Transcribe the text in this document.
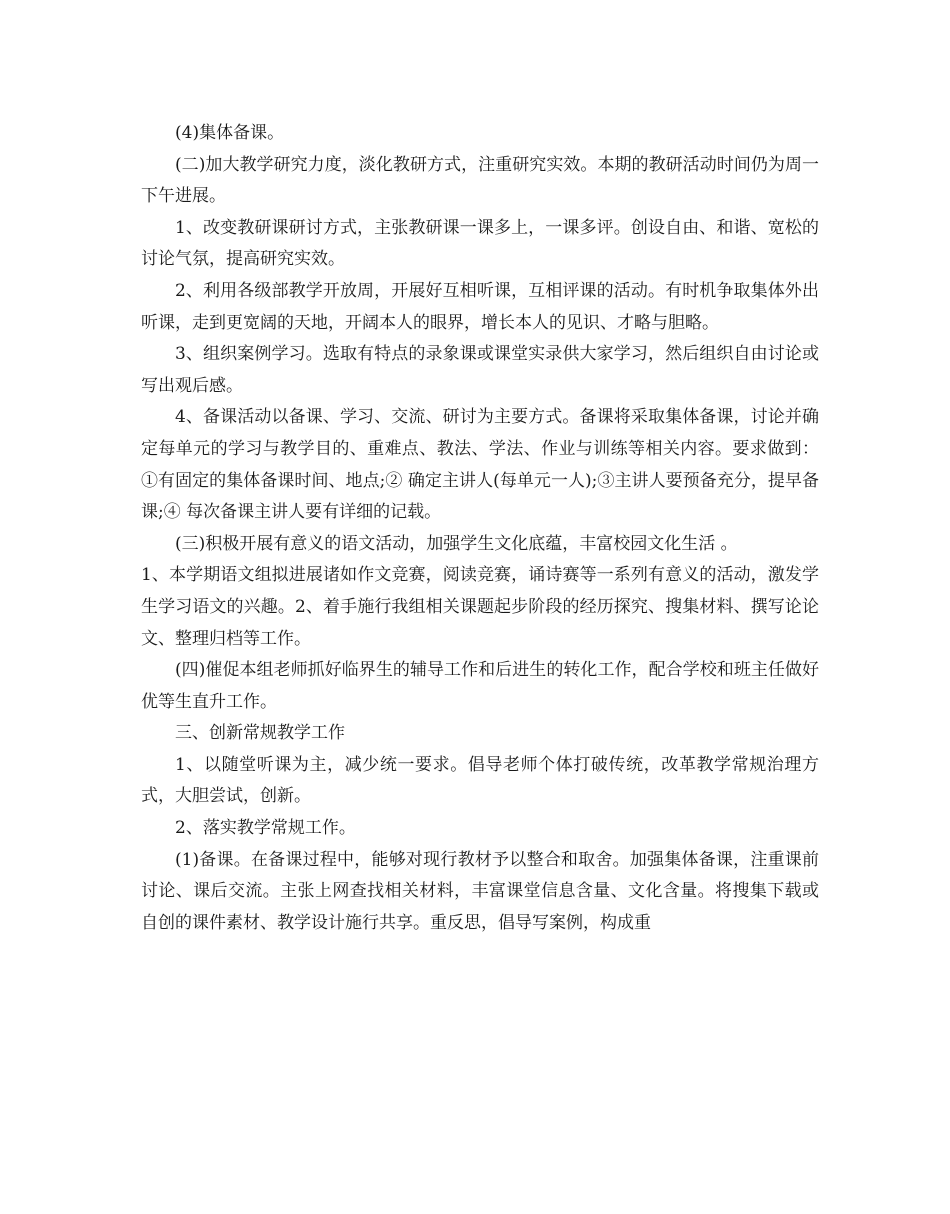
(4)集体备课。

(二)加大教学研究力度，淡化教研方式，注重研究实效。本期的教研活动时间仍为周一下午进展。

1、改变教研课研讨方式，主张教研课一课多上，一课多评。创设自由、和谐、宽松的讨论气氛，提高研究实效。

2、利用各级部教学开放周，开展好互相听课，互相评课的活动。有时机争取集体外出听课，走到更宽阔的天地，开阔本人的眼界，增长本人的见识、才略与胆略。

3、组织案例学习。选取有特点的录象课或课堂实录供大家学习，然后组织自由讨论或写出观后感。

4、备课活动以备课、学习、交流、研讨为主要方式。备课将采取集体备课，讨论并确定每单元的学习与教学目的、重难点、教法、学法、作业与训练等相关内容。要求做到：①有固定的集体备课时间、地点;② 确定主讲人(每单元一人);③主讲人要预备充分，提早备课;④ 每次备课主讲人要有详细的记载。

(三)积极开展有意义的语文活动，加强学生文化底蕴，丰富校园文化生活 。

1、本学期语文组拟进展诸如作文竞赛，阅读竞赛，诵诗赛等一系列有意义的活动，激发学生学习语文的兴趣。2、着手施行我组相关课题起步阶段的经历探究、搜集材料、撰写论论文、整理归档等工作。

(四)催促本组老师抓好临界生的辅导工作和后进生的转化工作，配合学校和班主任做好优等生直升工作。

三、创新常规教学工作

1、以随堂听课为主，减少统一要求。倡导老师个体打破传统，改革教学常规治理方式，大胆尝试，创新。

2、落实教学常规工作。

(1)备课。在备课过程中，能够对现行教材予以整合和取舍。加强集体备课，注重课前讨论、课后交流。主张上网查找相关材料，丰富课堂信息含量、文化含量。将搜集下载或自创的课件素材、教学设计施行共享。重反思，倡导写案例，构成重
